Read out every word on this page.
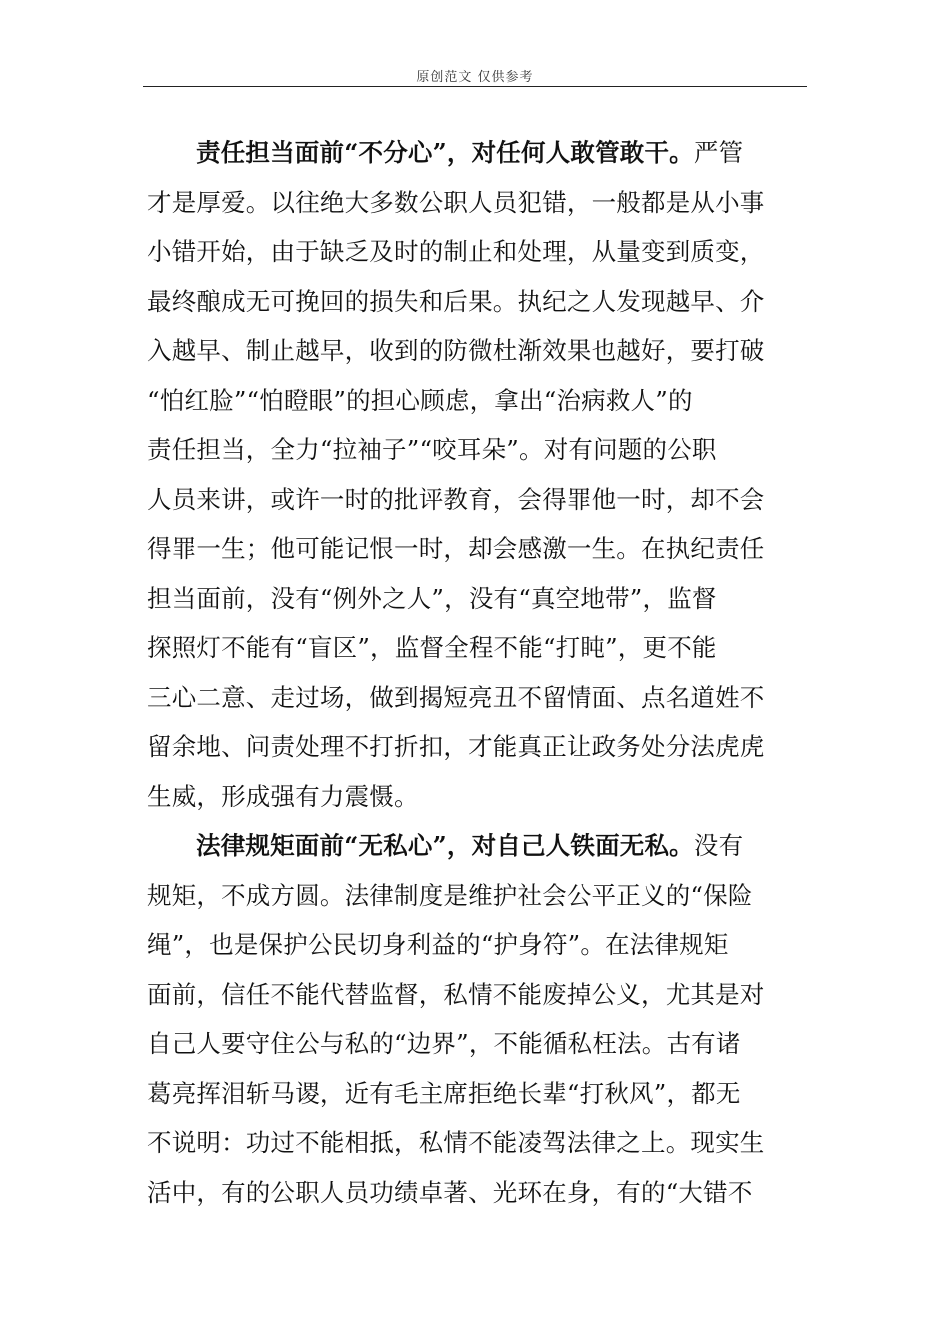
原创范文 仅供参考
责任担当面前“不分心”，对任何人敢管敢干。严管
才是厚爱。以往绝大多数公职人员犯错，一般都是从小事
小错开始，由于缺乏及时的制止和处理，从量变到质变，
最终酿成无可挽回的损失和后果。执纪之人发现越早、介
入越早、制止越早，收到的防微杜渐效果也越好，要打破
“怕红脸”“怕瞪眼”的担心顾虑，拿出“治病救人”的
责任担当，全力“拉袖子”“咬耳朵”。对有问题的公职
人员来讲，或许一时的批评教育，会得罪他一时，却不会
得罪一生；他可能记恨一时，却会感激一生。在执纪责任
担当面前，没有“例外之人”，没有“真空地带”，监督
探照灯不能有“盲区”，监督全程不能“打盹”，更不能
三心二意、走过场，做到揭短亮丑不留情面、点名道姓不
留余地、问责处理不打折扣，才能真正让政务处分法虎虎
生威，形成强有力震慑。
法律规矩面前“无私心”，对自己人铁面无私。没有
规矩，不成方圆。法律制度是维护社会公平正义的“保险
绳”，也是保护公民切身利益的“护身符”。在法律规矩
面前，信任不能代替监督，私情不能废掉公义，尤其是对
自己人要守住公与私的“边界”，不能循私枉法。古有诸
葛亮挥泪斩马谡，近有毛主席拒绝长辈“打秋风”，都无
不说明：功过不能相抵，私情不能凌驾法律之上。现实生
活中，有的公职人员功绩卓著、光环在身，有的“大错不
